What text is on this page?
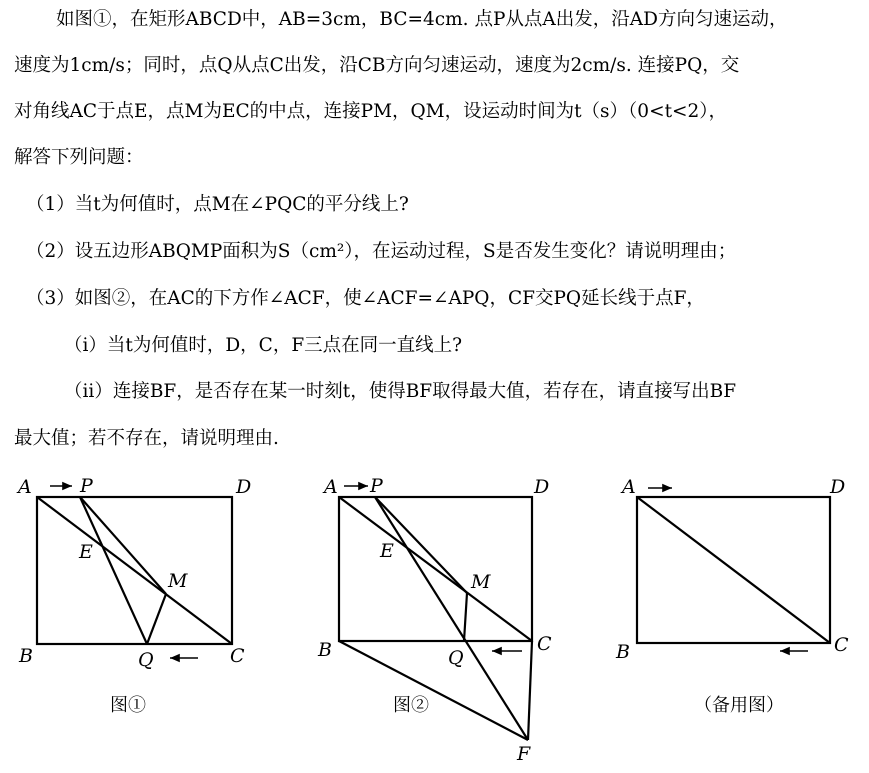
如图①，在矩形ABCD中，AB=3cm，BC=4cm. 点P从点A出发，沿AD方向匀速运动，
速度为1cm/s；同时，点Q从点C出发，沿CB方向匀速运动，速度为2cm/s. 连接PQ，交
对角线AC于点E，点M为EC的中点，连接PM，QM，设运动时间为t（s）（0<t<2），
解答下列问题：
（1）当t为何值时，点M在∠PQC的平分线上?
（2）设五边形ABQMP面积为S（cm²），在运动过程，S是否发生变化？请说明理由；
（3）如图②，在AC的下方作∠ACF，使∠ACF=∠APQ，CF交PQ延长线于点F，
（i）当t为何值时，D，C，F三点在同一直线上?
（ii）连接BF，是否存在某一时刻t，使得BF取得最大值，若存在，请直接写出BF
最大值；若不存在，请说明理由.
A	P	D
E
M
B	Q	C
图①
A P	D
E
M
B	Q
C
F
图②
A	D
B	C
（备用图）
